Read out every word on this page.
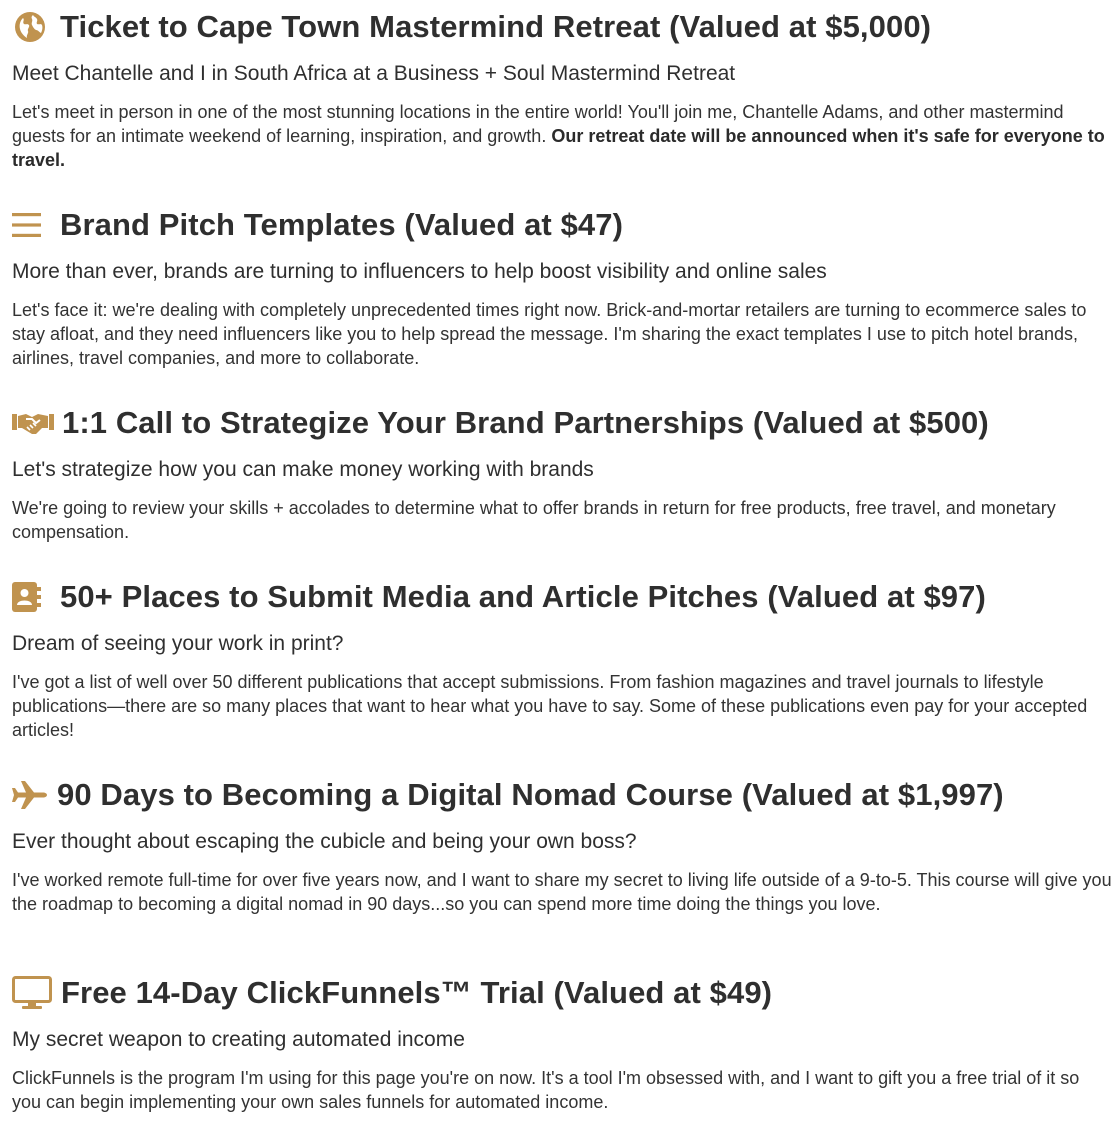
Ticket to Cape Town Mastermind Retreat (Valued at $5,000)

Meet Chantelle and I in South Africa at a Business + Soul Mastermind Retreat

Let's meet in person in one of the most stunning locations in the entire world! You'll join me, Chantelle Adams, and other mastermind guests for an intimate weekend of learning, inspiration, and growth. Our retreat date will be announced when it's safe for everyone to travel.

Brand Pitch Templates (Valued at $47)

More than ever, brands are turning to influencers to help boost visibility and online sales

Let's face it: we're dealing with completely unprecedented times right now. Brick-and-mortar retailers are turning to ecommerce sales to stay afloat, and they need influencers like you to help spread the message. I'm sharing the exact templates I use to pitch hotel brands, airlines, travel companies, and more to collaborate.

1:1 Call to Strategize Your Brand Partnerships (Valued at $500)

Let's strategize how you can make money working with brands

We're going to review your skills + accolades to determine what to offer brands in return for free products, free travel, and monetary compensation.

50+ Places to Submit Media and Article Pitches (Valued at $97)

Dream of seeing your work in print?

I've got a list of well over 50 different publications that accept submissions. From fashion magazines and travel journals to lifestyle publications—there are so many places that want to hear what you have to say. Some of these publications even pay for your accepted articles!

90 Days to Becoming a Digital Nomad Course (Valued at $1,997)

Ever thought about escaping the cubicle and being your own boss?

I've worked remote full-time for over five years now, and I want to share my secret to living life outside of a 9-to-5. This course will give you the roadmap to becoming a digital nomad in 90 days...so you can spend more time doing the things you love.

Free 14-Day ClickFunnels™ Trial (Valued at $49)

My secret weapon to creating automated income

ClickFunnels is the program I'm using for this page you're on now. It's a tool I'm obsessed with, and I want to gift you a free trial of it so you can begin implementing your own sales funnels for automated income.
